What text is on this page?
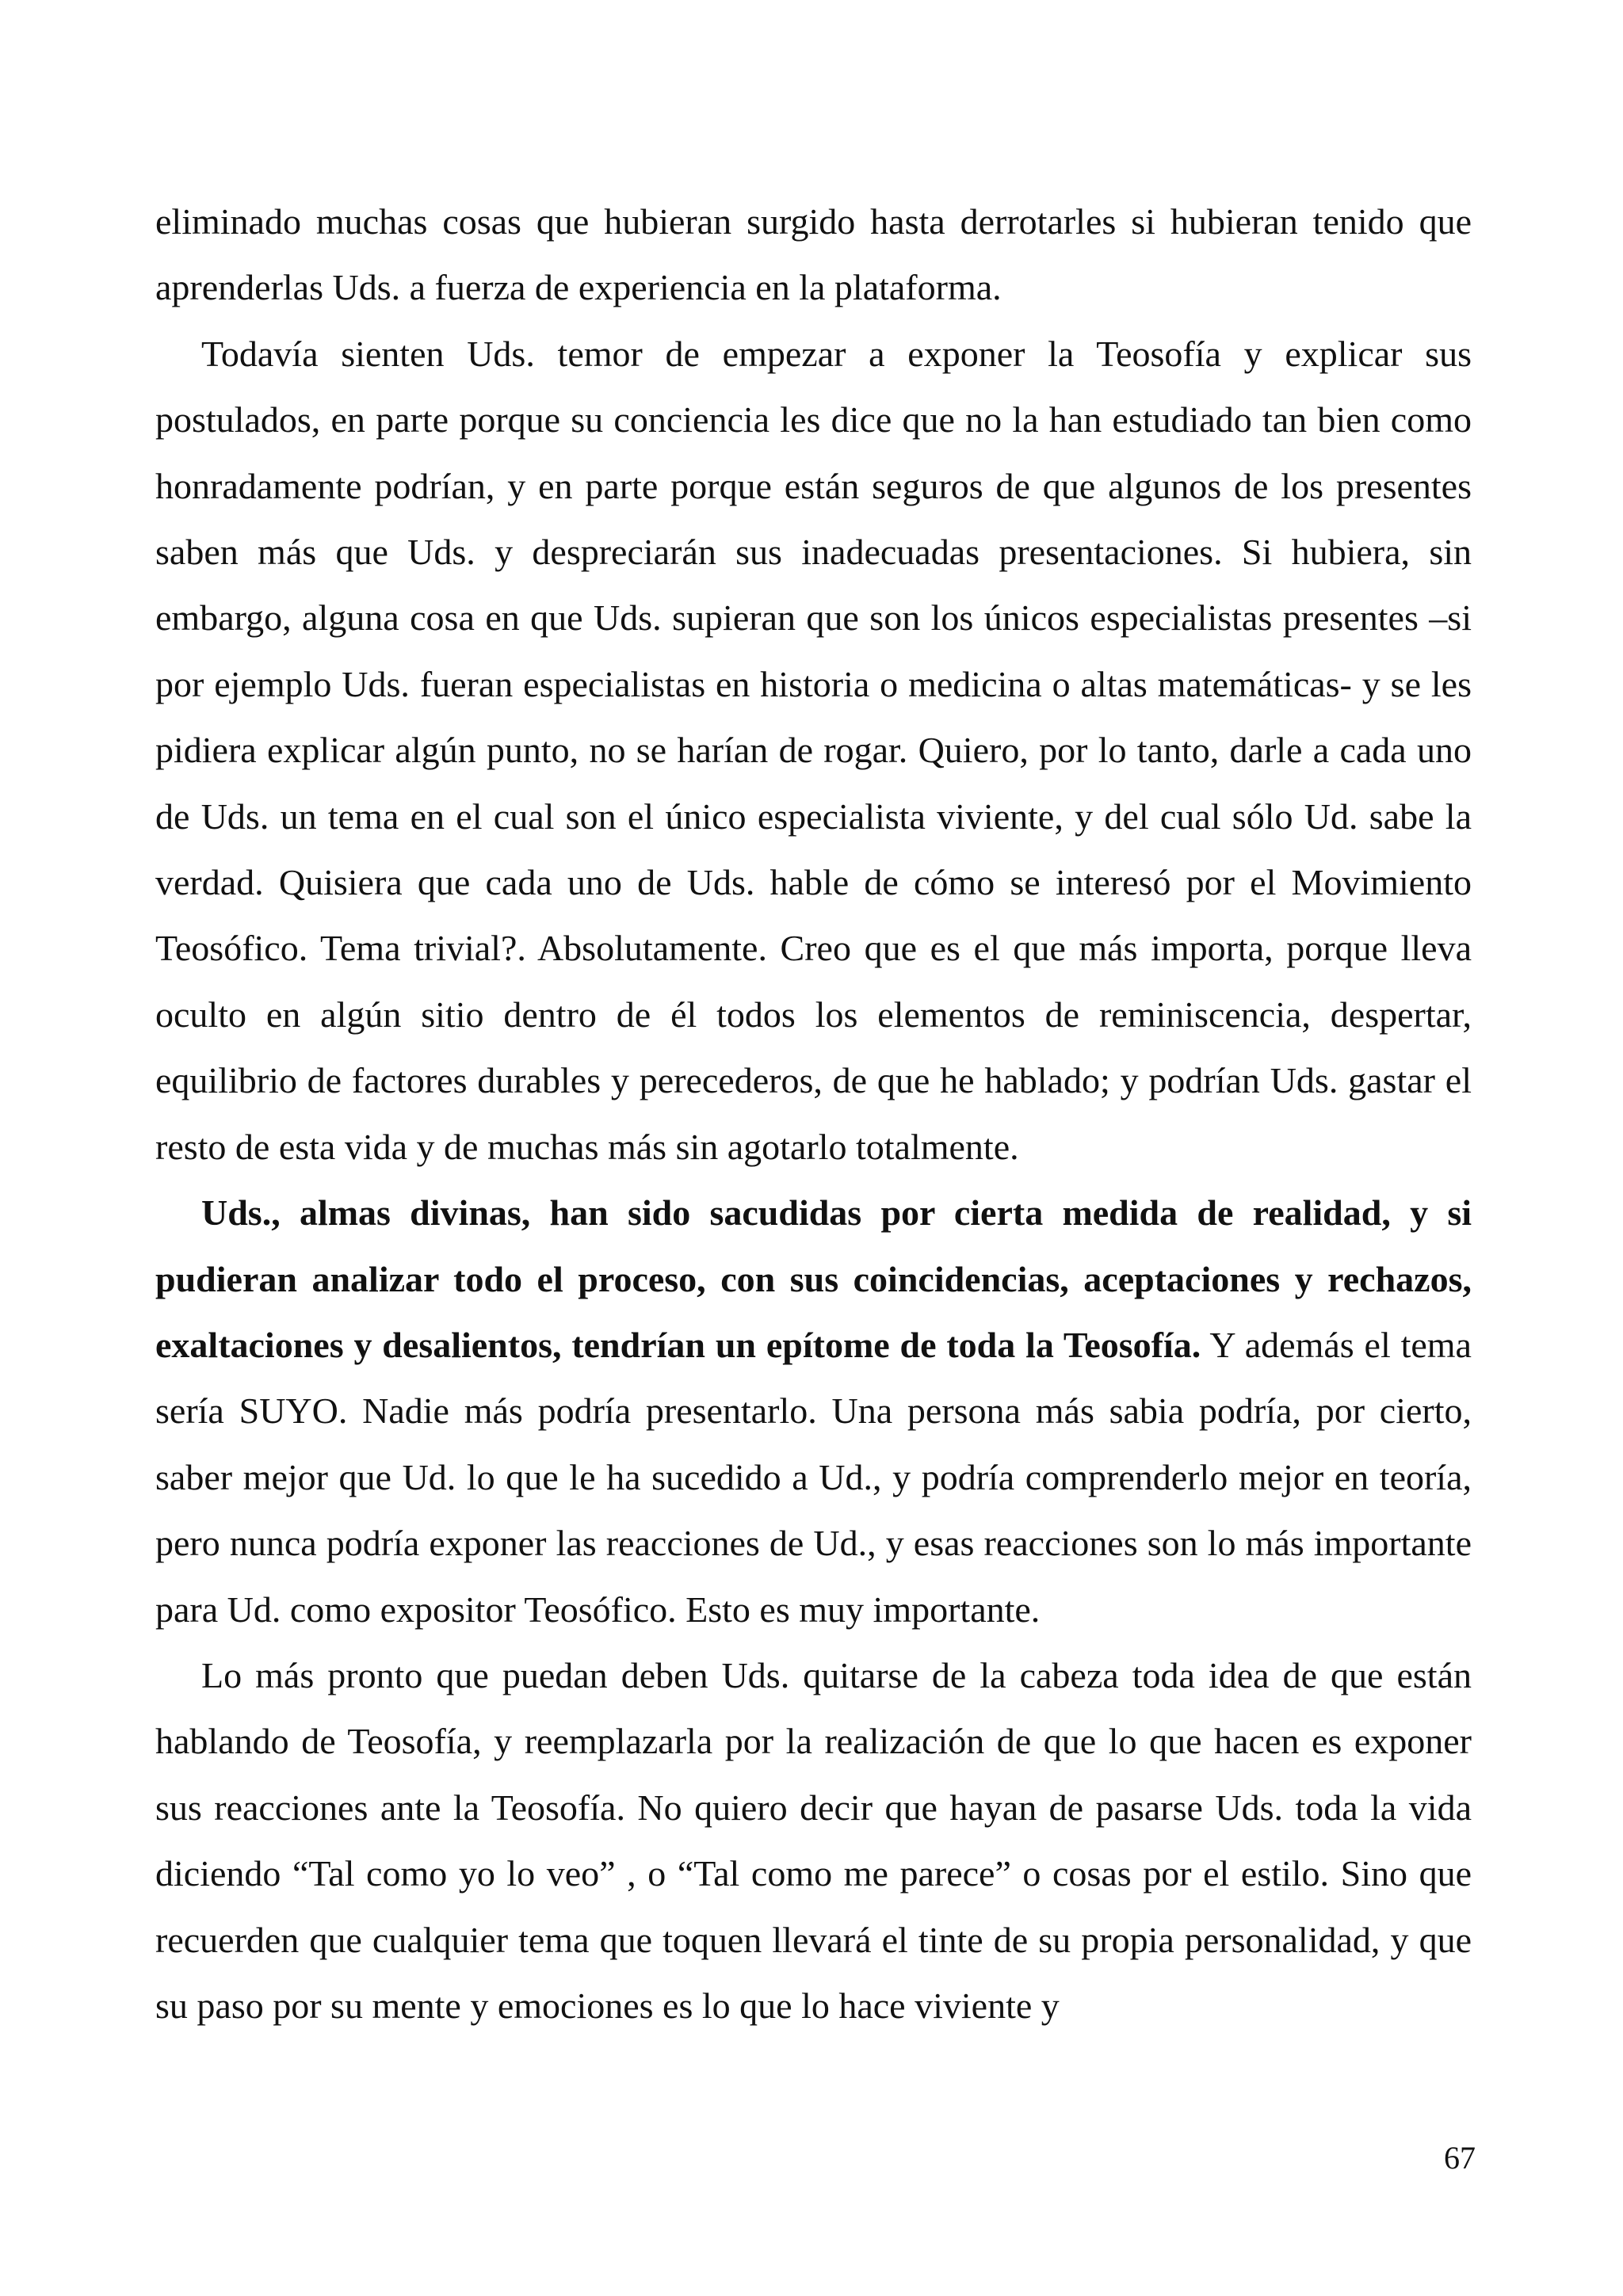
eliminado muchas cosas que hubieran surgido hasta derrotarles si hubieran tenido que aprenderlas Uds. a fuerza de experiencia en la plataforma.

Todavía sienten Uds. temor de empezar a exponer la Teosofía y explicar sus postulados, en parte porque su conciencia les dice que no la han estudiado tan bien como honradamente podrían, y en parte porque están seguros de que algunos de los presentes saben más que Uds. y despreciarán sus inadecuadas presentaciones. Si hubiera, sin embargo, alguna cosa en que Uds. supieran que son los únicos especialistas presentes –si por ejemplo Uds. fueran especialistas en historia o medicina o altas matemáticas- y se les pidiera explicar algún punto, no se harían de rogar. Quiero, por lo tanto, darle a cada uno de Uds. un tema en el cual son el único especialista viviente, y del cual sólo Ud. sabe la verdad. Quisiera que cada uno de Uds. hable de cómo se interesó por el Movimiento Teosófico. Tema trivial?. Absolutamente. Creo que es el que más importa, porque lleva oculto en algún sitio dentro de él todos los elementos de reminiscencia, despertar, equilibrio de factores durables y perecederos, de que he hablado; y podrían Uds. gastar el resto de esta vida y de muchas más sin agotarlo totalmente.

Uds., almas divinas, han sido sacudidas por cierta medida de realidad, y si pudieran analizar todo el proceso, con sus coincidencias, aceptaciones y rechazos, exaltaciones y desalientos, tendrían un epítome de toda la Teosofía. Y además el tema sería SUYO. Nadie más podría presentarlo. Una persona más sabia podría, por cierto, saber mejor que Ud. lo que le ha sucedido a Ud., y podría comprenderlo mejor en teoría, pero nunca podría exponer las reacciones de Ud., y esas reacciones son lo más importante para Ud. como expositor Teosófico. Esto es muy importante.

Lo más pronto que puedan deben Uds. quitarse de la cabeza toda idea de que están hablando de Teosofía, y reemplazarla por la realización de que lo que hacen es exponer sus reacciones ante la Teosofía. No quiero decir que hayan de pasarse Uds. toda la vida diciendo “Tal como yo lo veo” , o “Tal como me parece” o cosas por el estilo. Sino que recuerden que cualquier tema que toquen llevará el tinte de su propia personalidad, y que su paso por su mente y emociones es lo que lo hace viviente y

67
